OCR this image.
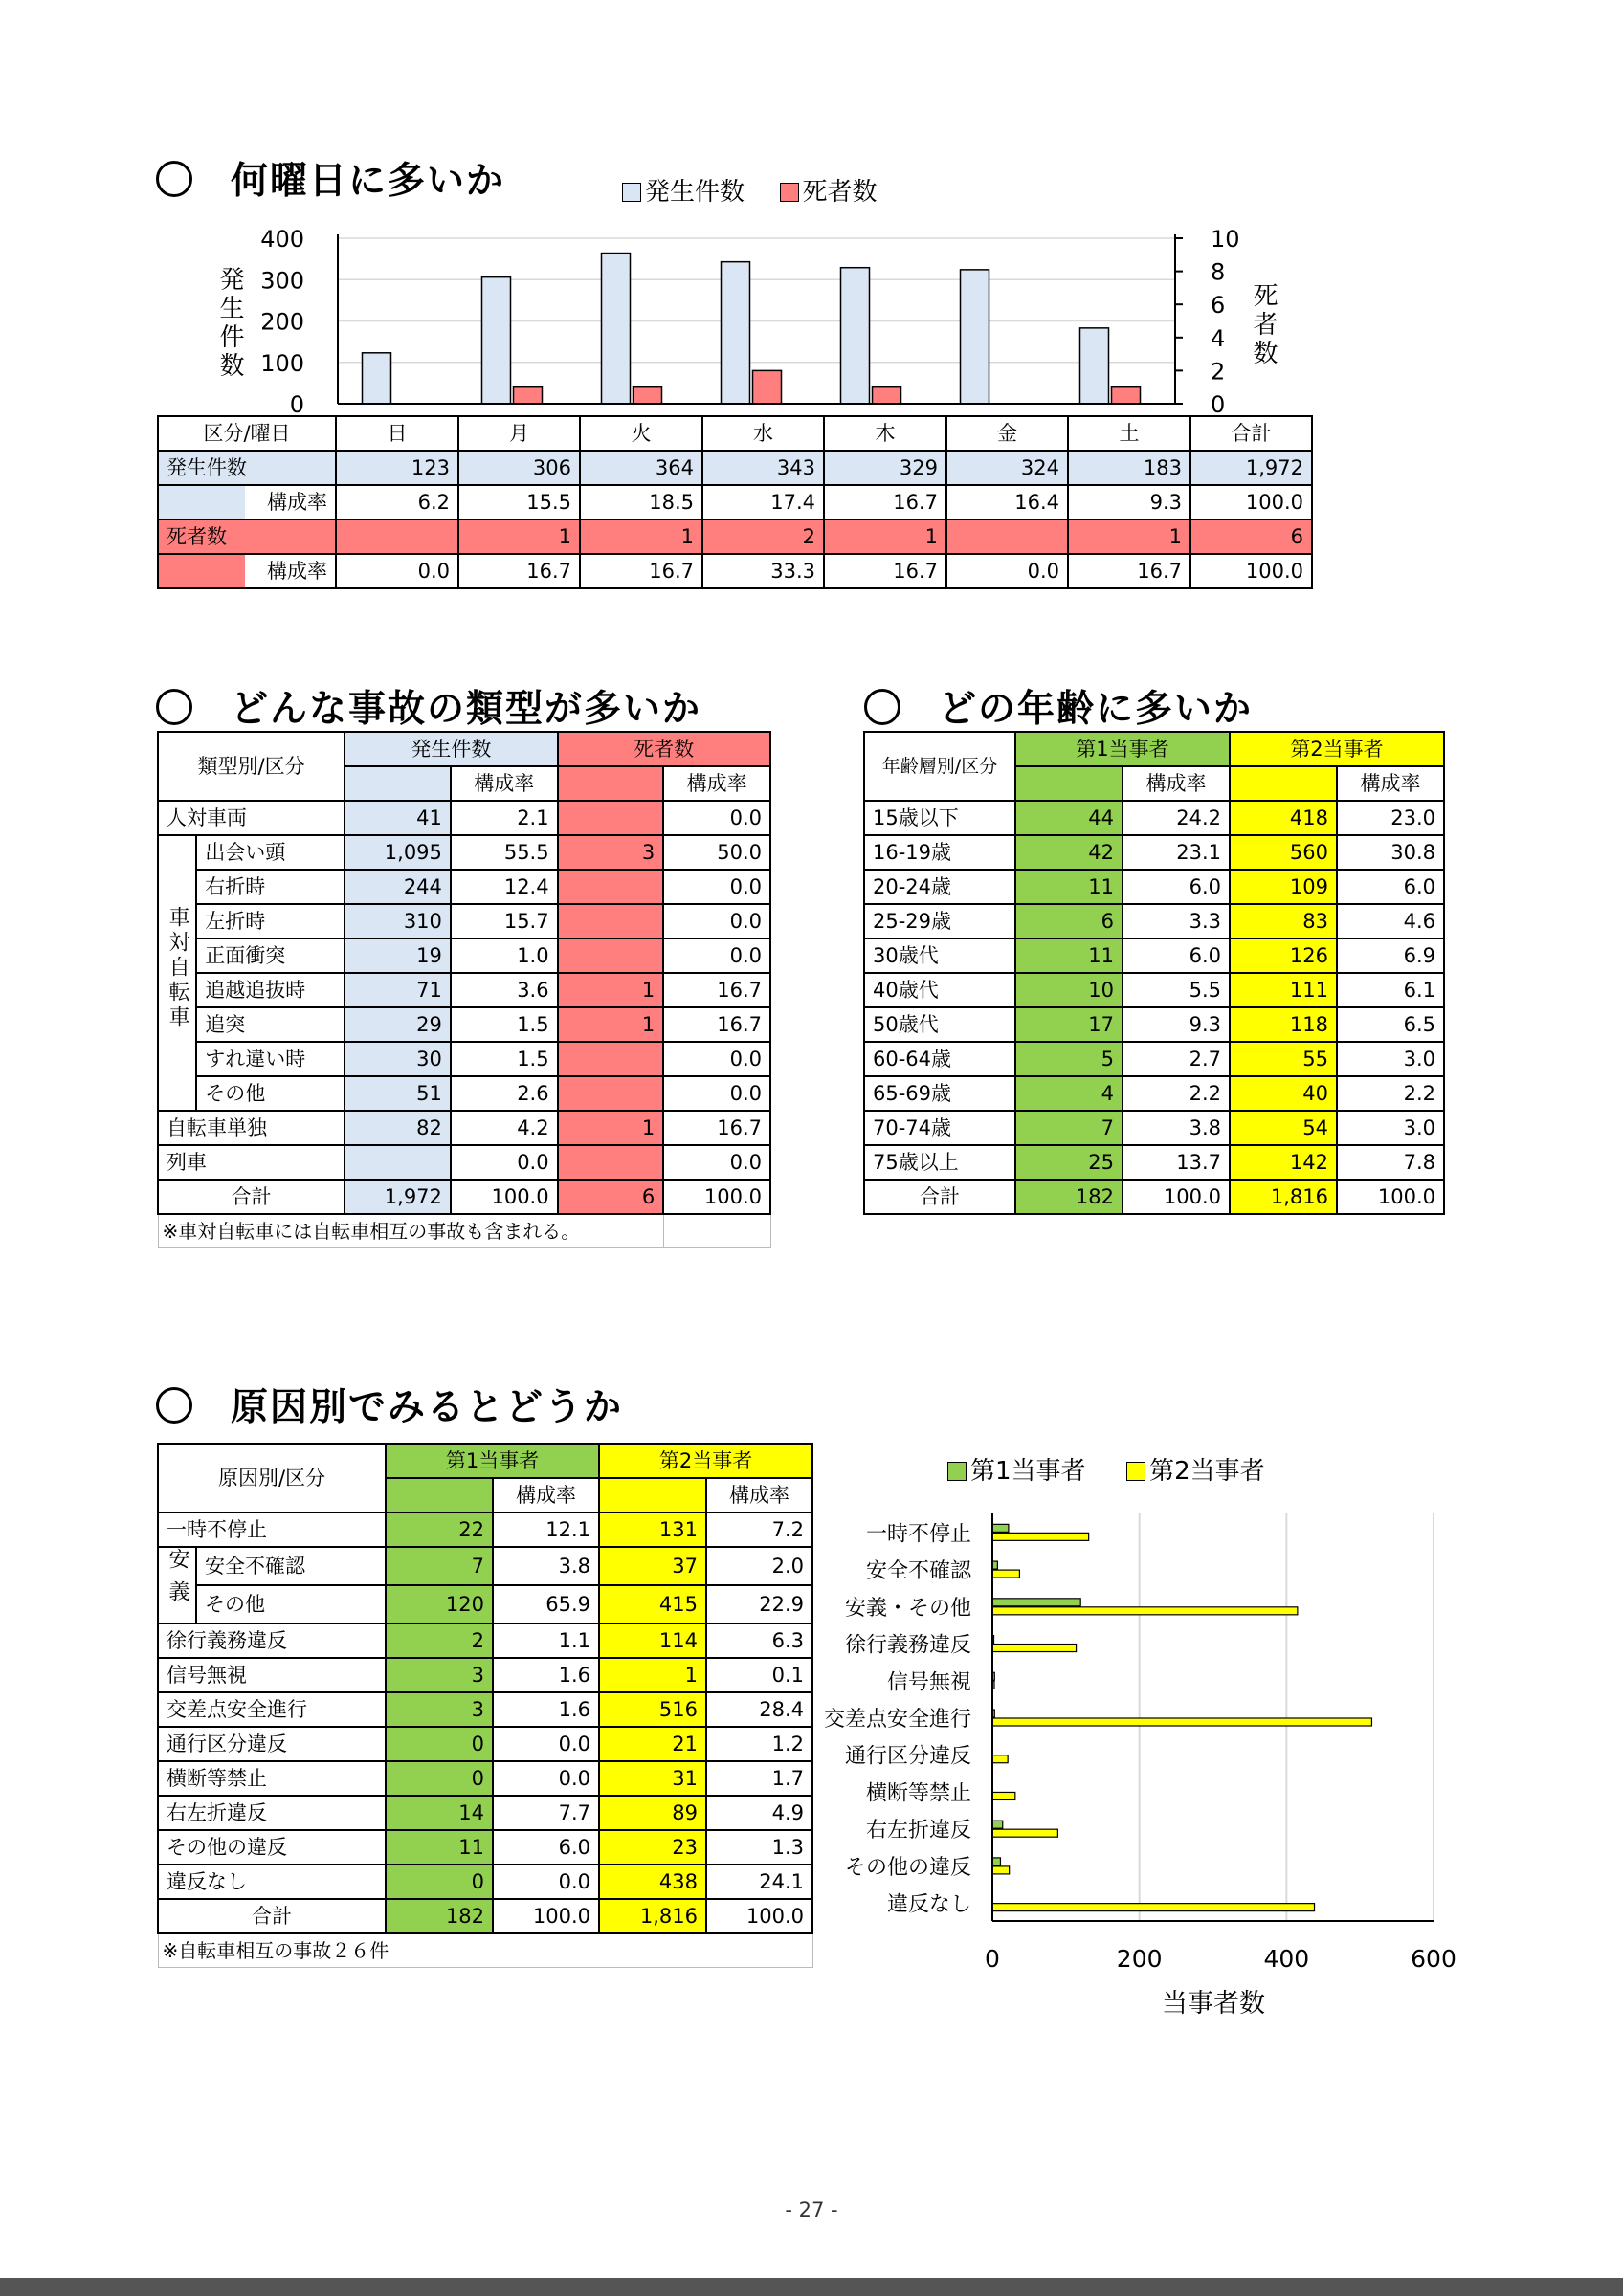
何曜日に多いか	発生件数 死者数
発生件数	死者数
400
300
200
100
0
10
8
6
4
2
0
区分/曜日	日	月	火	水	木	金	土	合計
発生件数	123	306	364	343	329	324	183	1,972
構成率	6.2	15.5	18.5	17.4	16.7	16.4	9.3	100.0
死者数		1	1	2	1		1	6
構成率	0.0	16.7	16.7	33.3	16.7	0.0	16.7	100.0
どんな事故の類型が多いか
類型別/区分		発生件数		死者数	
			構成率		構成率
人対車両		41	2.1		0.0
車対自転車	出会い頭	1,095	55.5	3	50.0
	右折時	244	12.4		0.0
	左折時	310	15.7		0.0
	正面衝突	19	1.0		0.0
	追越追抜時	71	3.6	1	16.7
	追突	29	1.5	1	16.7
	すれ違い時	30	1.5		0.0
	その他	51	2.6		0.0
自転車単独		82	4.2	1	16.7
列車			0.0		0.0
合計		1,972	100.0	6	100.0
※車対自転車には自転車相互の事故も含まれる。					
どの年齢に多いか
年齢層別/区分	第1当事者		第2当事者	
		構成率		構成率
15歳以下	44	24.2	418	23.0
16-19歳	42	23.1	560	30.8
20-24歳	11	6.0	109	6.0
25-29歳	6	3.3	83	4.6
30歳代	11	6.0	126	6.9
40歳代	10	5.5	111	6.1
50歳代	17	9.3	118	6.5
60-64歳	5	2.7	55	3.0
65-69歳	4	2.2	40	2.2
70-74歳	7	3.8	54	3.0
75歳以上	25	13.7	142	7.8
合計	182	100.0	1,816	100.0
原因別でみるとどうか
原因別/区分		第1当事者		第2当事者	
			構成率		構成率
一時不停止		22	12.1	131	7.2
安義	安全不確認	7	3.8	37	2.0
	その他	120	65.9	415	22.9
徐行義務違反		2	1.1	114	6.3
信号無視		3	1.6	1	0.1
交差点安全進行		3	1.6	516	28.4
通行区分違反		0	0.0	21	1.2
横断等禁止		0	0.0	31	1.7
右左折違反		14	7.7	89	4.9
その他の違反		11	6.0	23	1.3
違反なし		0	0.0	438	24.1
合計		182	100.0	1,816	100.0
※自転車相互の事故２６件					
第1当事者	第2当事者
一時不停止
安全不確認
安義・その他
徐行義務違反
信号無視
交差点安全進行
通行区分違反
横断等禁止
右左折違反
その他の違反
違反なし
0	200	400	600
当事者数
- 27 -
